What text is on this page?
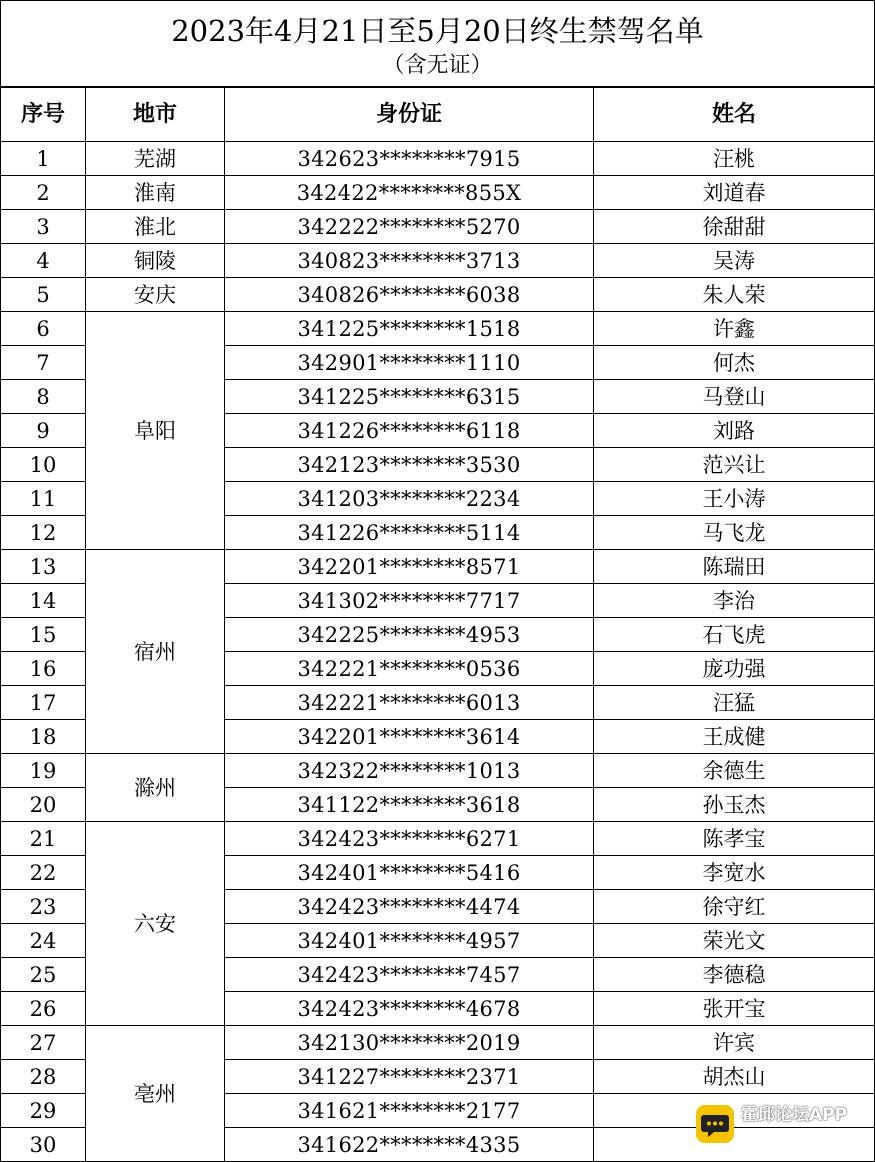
2023年4月21日至5月20日终生禁驾名单
（含无证）
序号	地市	身份证	姓名
1	芜湖	342623********7915	汪桃
2	淮南	342422********855X	刘道春
3	淮北	342222********5270	徐甜甜
4	铜陵	340823********3713	吴涛
5	安庆	340826********6038	朱人荣
6	阜阳	341225********1518	许鑫
7		342901********1110	何杰
8		341225********6315	马登山
9		341226********6118	刘路
10		342123********3530	范兴让
11		341203********2234	王小涛
12		341226********5114	马飞龙
13	宿州	342201********8571	陈瑞田
14		341302********7717	李治
15		342225********4953	石飞虎
16		342221********0536	庞功强
17		342221********6013	汪猛
18		342201********3614	王成健
19	滁州	342322********1013	余德生
20		341122********3618	孙玉杰
21	六安	342423********6271	陈孝宝
22		342401********5416	李宽水
23		342423********4474	徐守红
24		342401********4957	荣光文
25		342423********7457	李德稳
26		342423********4678	张开宝
27	亳州	342130********2019	许宾
28		341227********2371	胡杰山
29		341621********2177	
30		341622********4335	
霍邱论坛APP
